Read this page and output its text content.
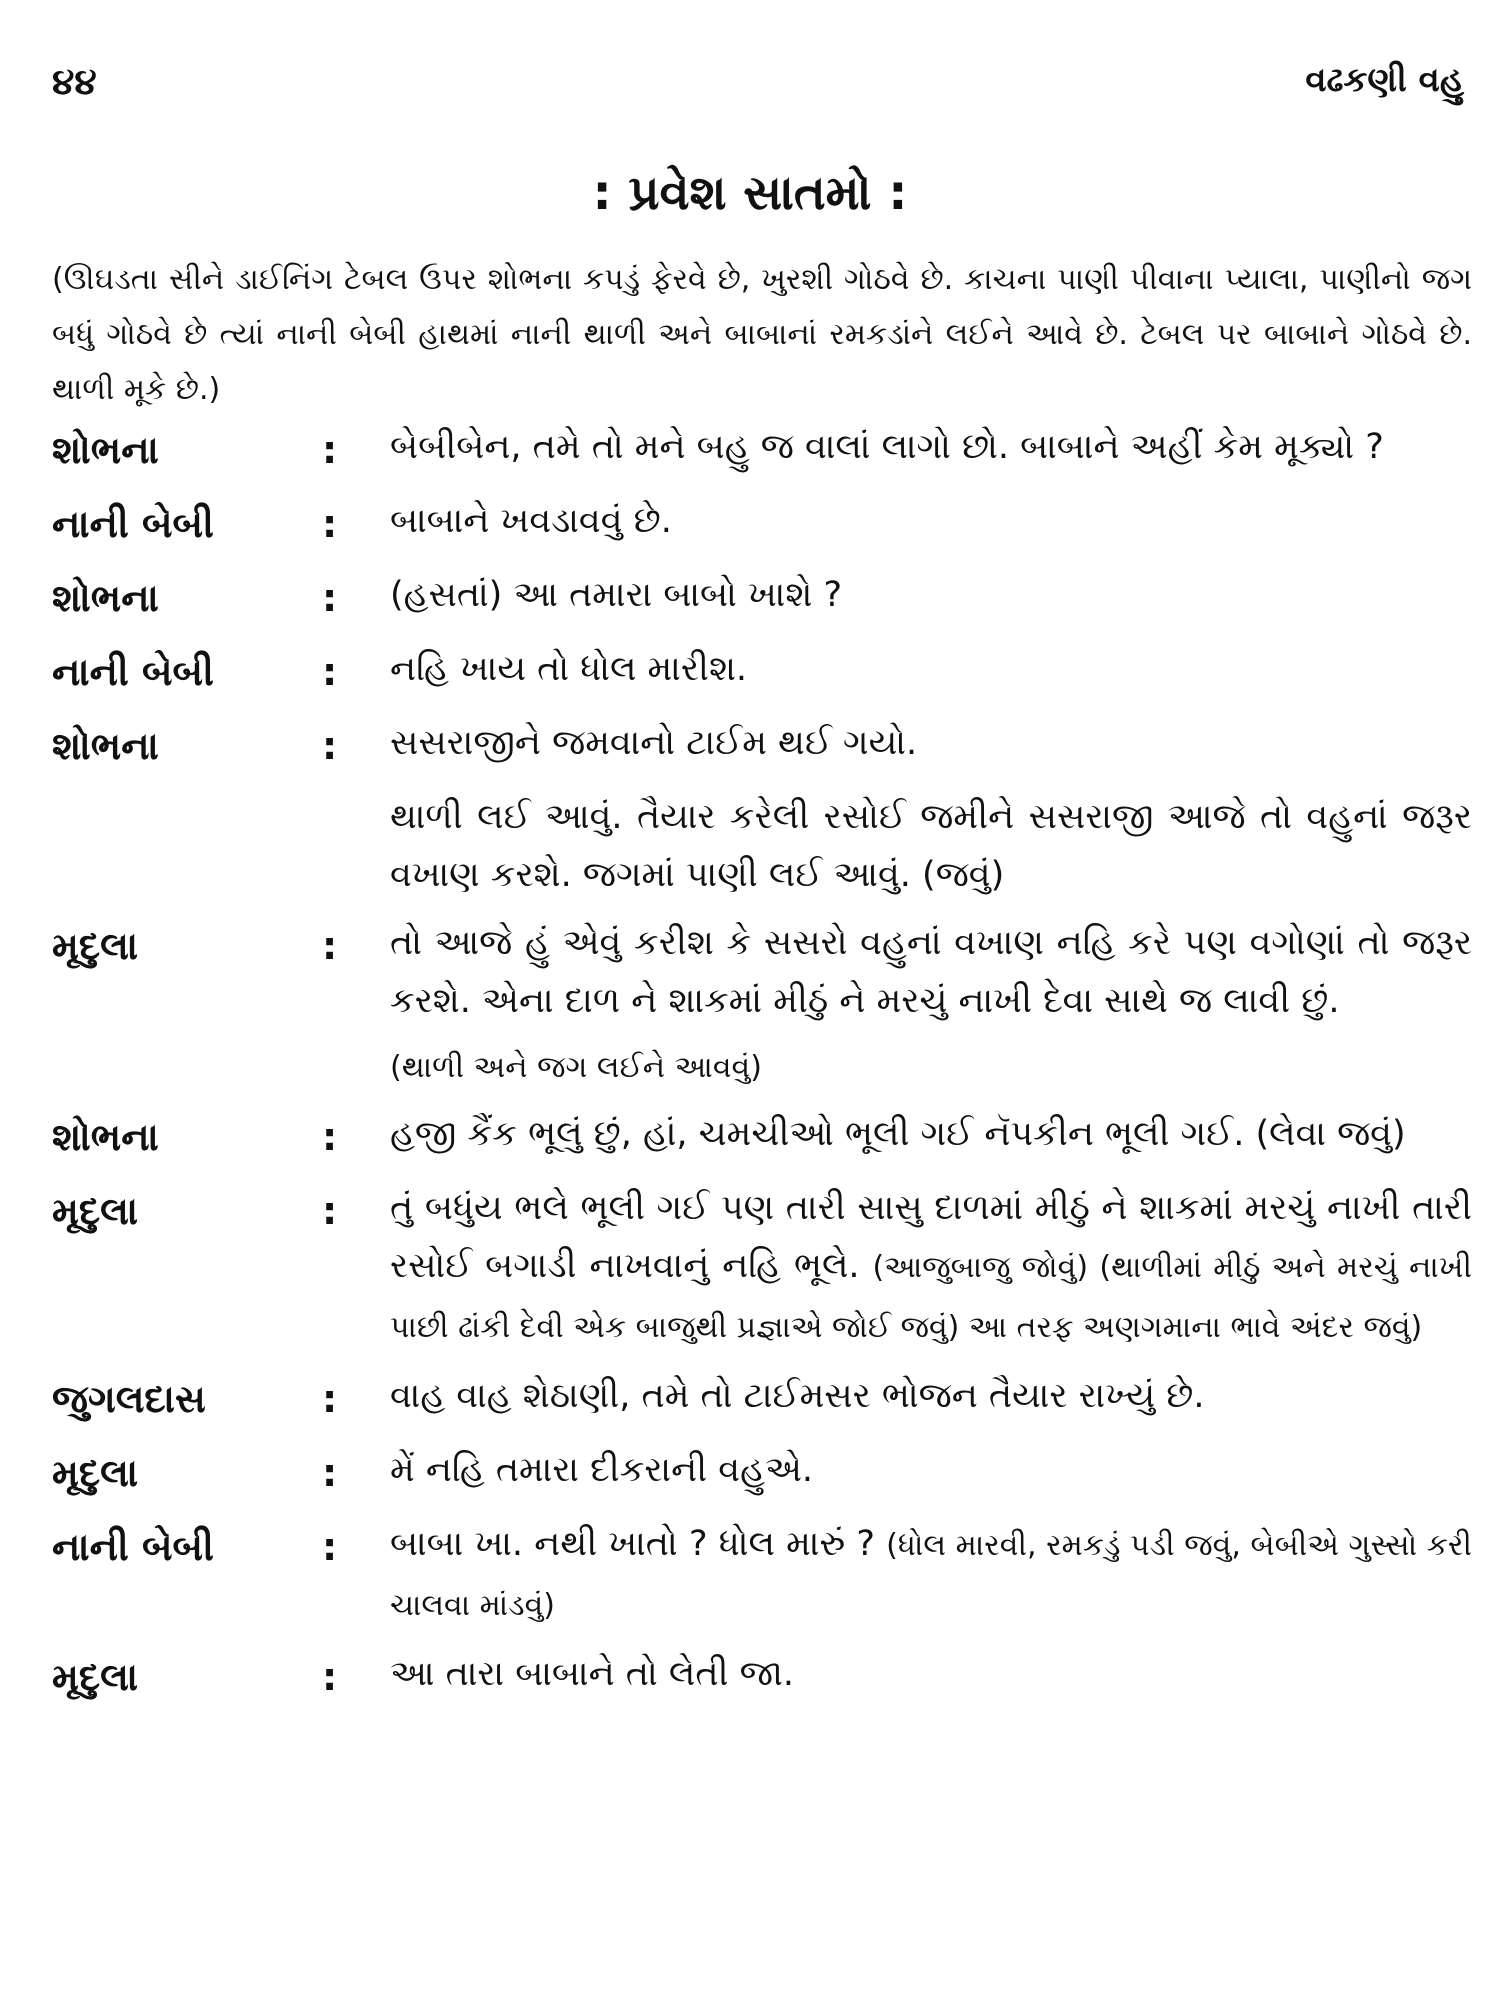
૪૪	વઢકણી વહુ
: પ્રવેશ સાતમો :

(ઊઘડતા સીને ડાઈનિંગ ટેબલ ઉપર શોભના કપડું ફેરવે છે, ખુરશી ગોઠવે છે. કાચના પાણી પીવાના પ્યાલા, પાણીનો જગ બધું ગોઠવે છે ત્યાં નાની બેબી હાથમાં નાની થાળી અને બાબાનાં રમકડાંને લઈને આવે છે. ટેબલ પર બાબાને ગોઠવે છે. થાળી મૂકે છે.)

શોભના	:	બેબીબેન, તમે તો મને બહુ જ વાલાં લાગો છો. બાબાને અહીં કેમ મૂક્યો ?
નાની બેબી	:	બાબાને ખવડાવવું છે.
શોભના	:	(હસતાં) આ તમારા બાબો ખાશે ?
નાની બેબી	:	નહિ ખાય તો ધોલ મારીશ.
શોભના	:	સસરાજીને જમવાનો ટાઈમ થઈ ગયો.
થાળી લઈ આવું. તૈયાર કરેલી રસોઈ જમીને સસરાજી આજે તો વહુનાં જરૂર વખાણ કરશે. જગમાં પાણી લઈ આવું. (જવું)
મૃદુલા	:	તો આજે હું એવું કરીશ કે સસરો વહુનાં વખાણ નહિ કરે પણ વગોણાં તો જરૂર કરશે. એના દાળ ને શાકમાં મીઠું ને મરચું નાખી દેવા સાથે જ લાવી છું.
(થાળી અને જગ લઈને આવવું)
શોભના	:	હજી કૈંક ભૂલું છું, હાં, ચમચીઓ ભૂલી ગઈ નૅપકીન ભૂલી ગઈ. (લેવા જવું)
મૃદુલા	:	તું બધુંય ભલે ભૂલી ગઈ પણ તારી સાસુ દાળમાં મીઠું ને શાકમાં મરચું નાખી તારી રસોઈ બગાડી નાખવાનું નહિ ભૂલે. (આજુબાજુ જોવું) (થાળીમાં મીઠું અને મરચું નાખી પાછી ઢાંકી દેવી એક બાજુથી પ્રજ્ઞાએ જોઈ જવું) આ તરફ અણગમાના ભાવે અંદર જવું)
જુગલદાસ	:	વાહ વાહ શેઠાણી, તમે તો ટાઈમસર ભોજન તૈયાર રાખ્યું છે.
મૃદુલા	:	મેં નહિ તમારા દીકરાની વહુએ.
નાની બેબી	:	બાબા ખા. નથી ખાતો ? ધોલ મારું ? (ધોલ મારવી, રમકડું પડી જવું, બેબીએ ગુસ્સો કરી ચાલવા માંડવું)
મૃદુલા	:	આ તારા બાબાને તો લેતી જા.
